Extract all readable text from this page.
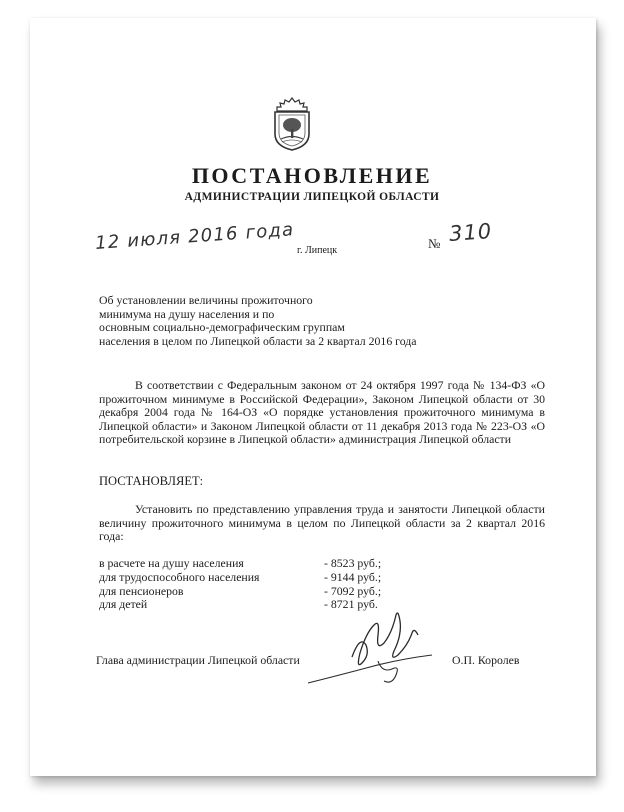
ПОСТАНОВЛЕНИЕ
АДМИНИСТРАЦИИ ЛИПЕЦКОЙ ОБЛАСТИ
12 июля 2016 года г. Липецк	№ 310
Об установлении величины прожиточного
минимума на душу населения и по
основным социально-демографическим группам
населения в целом по Липецкой области за 2 квартал 2016 года
В соответствии с Федеральным законом от 24 октября 1997 года № 134-ФЗ «О прожиточном минимуме в Российской Федерации», Законом Липецкой области от 30 декабря 2004 года № 164-ОЗ «О порядке установления прожиточного минимума в Липецкой области» и Законом Липецкой области от 11 декабря 2013 года № 223-ОЗ «О потребительской корзине в Липецкой области» администрация Липецкой области
ПОСТАНОВЛЯЕТ:
Установить по представлению управления труда и занятости Липецкой области величину прожиточного минимума в целом по Липецкой области за 2 квартал 2016 года:
в расчете на душу населения	- 8523 руб.;
для трудоспособного населения	- 9144 руб.;
для пенсионеров	- 7092 руб.;
для детей	- 8721 руб.
Глава администрации Липецкой области	О.П. Королев
